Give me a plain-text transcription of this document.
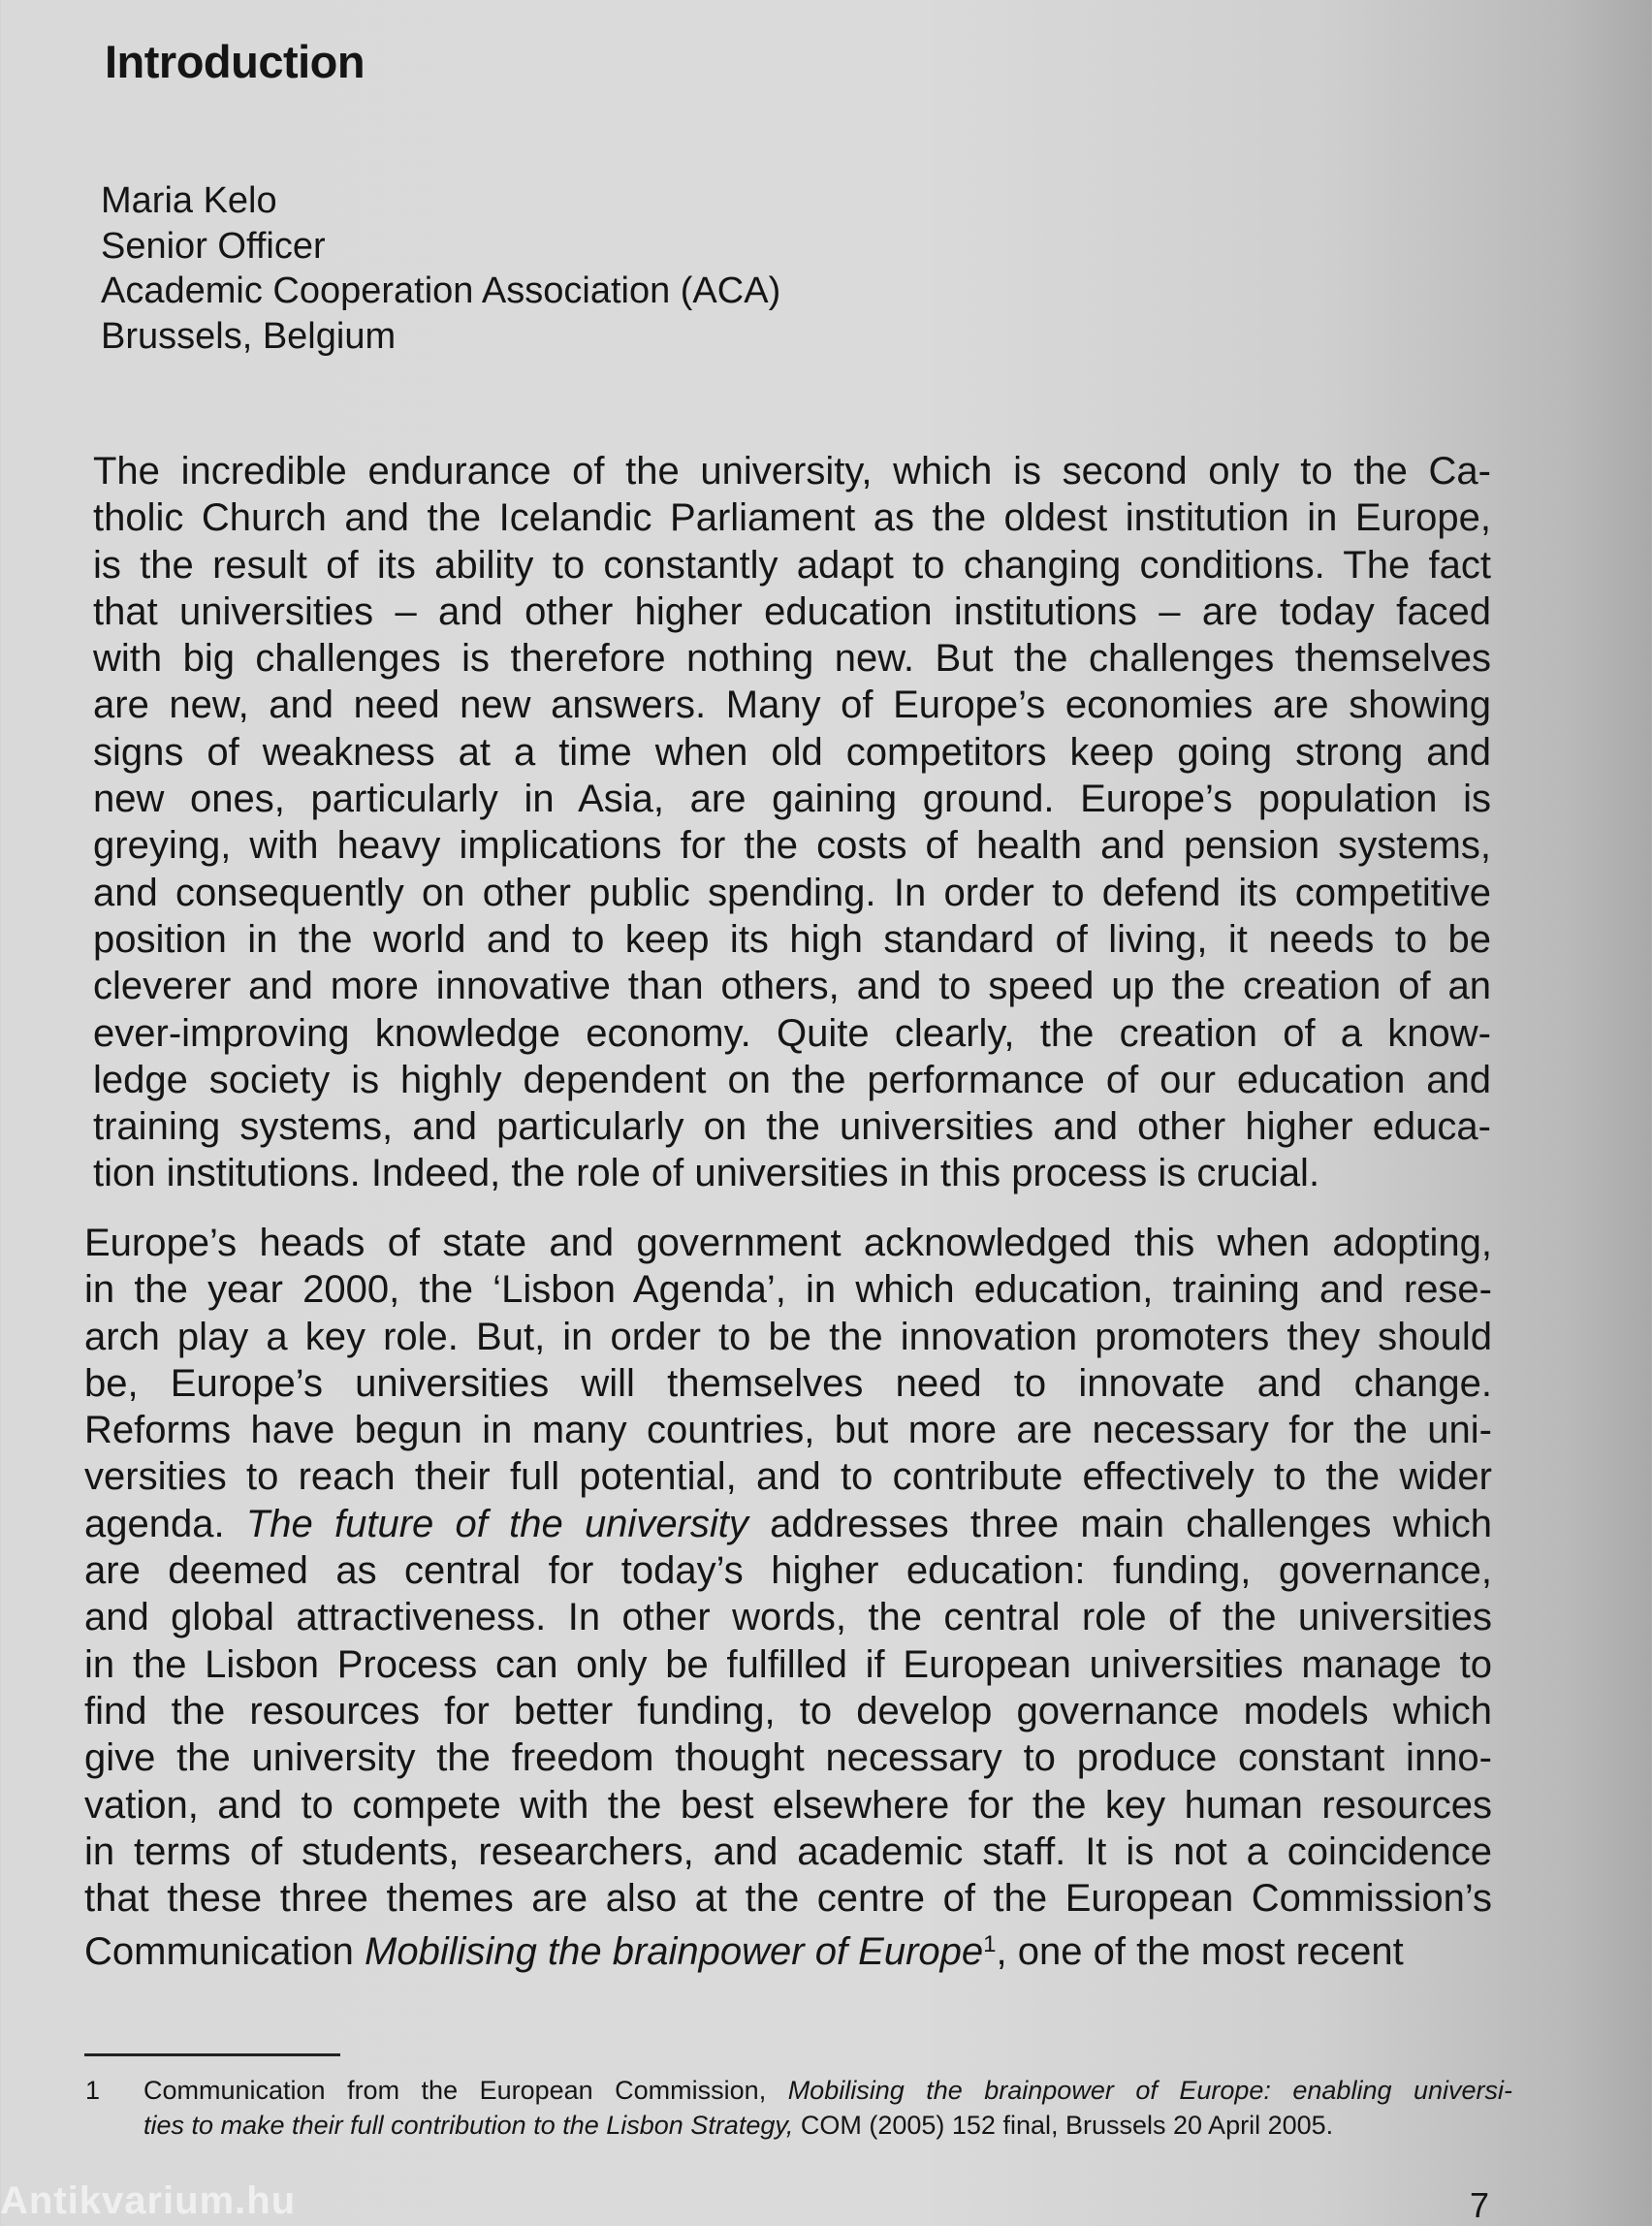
Introduction
Maria Kelo
Senior Officer
Academic Cooperation Association (ACA)
Brussels, Belgium
The incredible endurance of the university, which is second only to the Ca-
tholic Church and the Icelandic Parliament as the oldest institution in Europe,
is the result of its ability to constantly adapt to changing conditions. The fact
that universities – and other higher education institutions – are today faced
with big challenges is therefore nothing new. But the challenges themselves
are new, and need new answers. Many of Europe’s economies are showing
signs of weakness at a time when old competitors keep going strong and
new ones, particularly in Asia, are gaining ground. Europe’s population is
greying, with heavy implications for the costs of health and pension systems,
and consequently on other public spending. In order to defend its competitive
position in the world and to keep its high standard of living, it needs to be
cleverer and more innovative than others, and to speed up the creation of an
ever-improving knowledge economy. Quite clearly, the creation of a know-
ledge society is highly dependent on the performance of our education and
training systems, and particularly on the universities and other higher educa-
tion institutions. Indeed, the role of universities in this process is crucial.
Europe’s heads of state and government acknowledged this when adopting,
in the year 2000, the ‘Lisbon Agenda’, in which education, training and rese-
arch play a key role. But, in order to be the innovation promoters they should
be, Europe’s universities will themselves need to innovate and change.
Reforms have begun in many countries, but more are necessary for the uni-
versities to reach their full potential, and to contribute effectively to the wider
agenda. The future of the university addresses three main challenges which
are deemed as central for today’s higher education: funding, governance,
and global attractiveness. In other words, the central role of the universities
in the Lisbon Process can only be fulfilled if European universities manage to
find the resources for better funding, to develop governance models which
give the university the freedom thought necessary to produce constant inno-
vation, and to compete with the best elsewhere for the key human resources
in terms of students, researchers, and academic staff. It is not a coincidence
that these three themes are also at the centre of the European Commission’s
Communication Mobilising the brainpower of Europe$^1$, one of the most recent
1 Communication from the European Commission, Mobilising the brainpower of Europe: enabling universi-
ties to make their full contribution to the Lisbon Strategy, COM (2005) 152 final, Brussels 20 April 2005.
Antikvarium.hu	7
